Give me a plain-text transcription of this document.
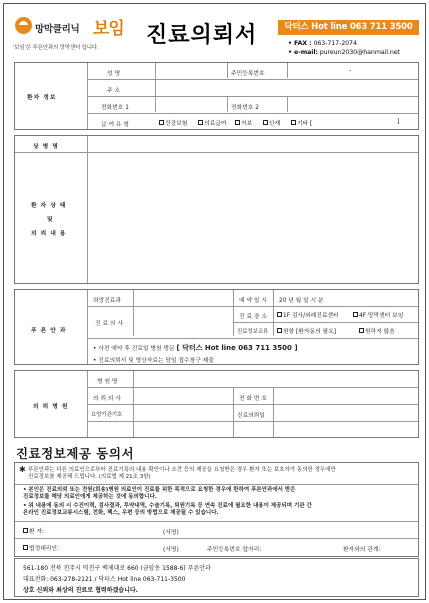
망막클리닉 보임
'보임'은 푸른안과의 망막센터 입니다. 진료의뢰서	닥터스 Hot line 063 711 3500
• FAX : 063-717-2074
• e-mail: pureun2030@hanmail.net
환자 정보
성 명	주민등록번호	-
주 소
전화번호 1	전화번호 2
급 여 유 형	건강보험	의료급여	자보	산재	기타 [	]
상 병 명
환 자 상 태
및
의 뢰 내 용
푸 른 안 과
희망진료과	예 약 일 시 20 년 월 일 시 분
진 료 의 사
진 료 장 소	1F 검사/외래진료센터	4F 망막센터 보임
진료정보교류	원함 [환자동의 필요]	원하지 않음
• 사전 예약 후 진료일 병원 방문 [ 닥터스 Hot line 063 711 3500 ]
• 진료의뢰서 및 영상자료는 당일 접수창구 제출
의 뢰 병 원
병 원 명
의 뢰 의 사	전 화 번 호
요양기관기호	진료의뢰일
진료정보제공 동의서
✱ 푸른안과는 다른 의료인으로부터 진료기록의 내용 확인이나 소견 등의 제공을 요청받은 경우 환자 또는 보호자가 동의한 경우에만
진료정보를 제공해 드립니다. (의료법 제 21조 3항)
• 본인은 진료의뢰 또는 전원(회송)병원 의료인이 진료를 위한 목적으로 요청한 경우에 한하여 푸른안과에서 받은
진료정보를 해당 의료인에게 제공하는 것에 동의합니다.
• 위 내용에 동의 시 수진이력, 검사결과, 투약내역, 수술기록, 퇴원기록 등 연속 진료에 필요한 내용이 제공되며 기관 간
온라인 진료정보교류시스템, 전화, 팩스, 우편 등의 방법으로 제공될 수 있습니다.
환 자:	(서명)
법정대리인:	(서명)	주민등록번호 앞자리:	환자와의 관계:
561-180 전북 전주시 덕진구 백제대로 660 (금암동 1588-6) 푸른안과
대표전화: 063-278-2121 / 닥터스 Hot line 063-711-3500
상호 신뢰와 최상의 진료로 협력하겠습니다.
